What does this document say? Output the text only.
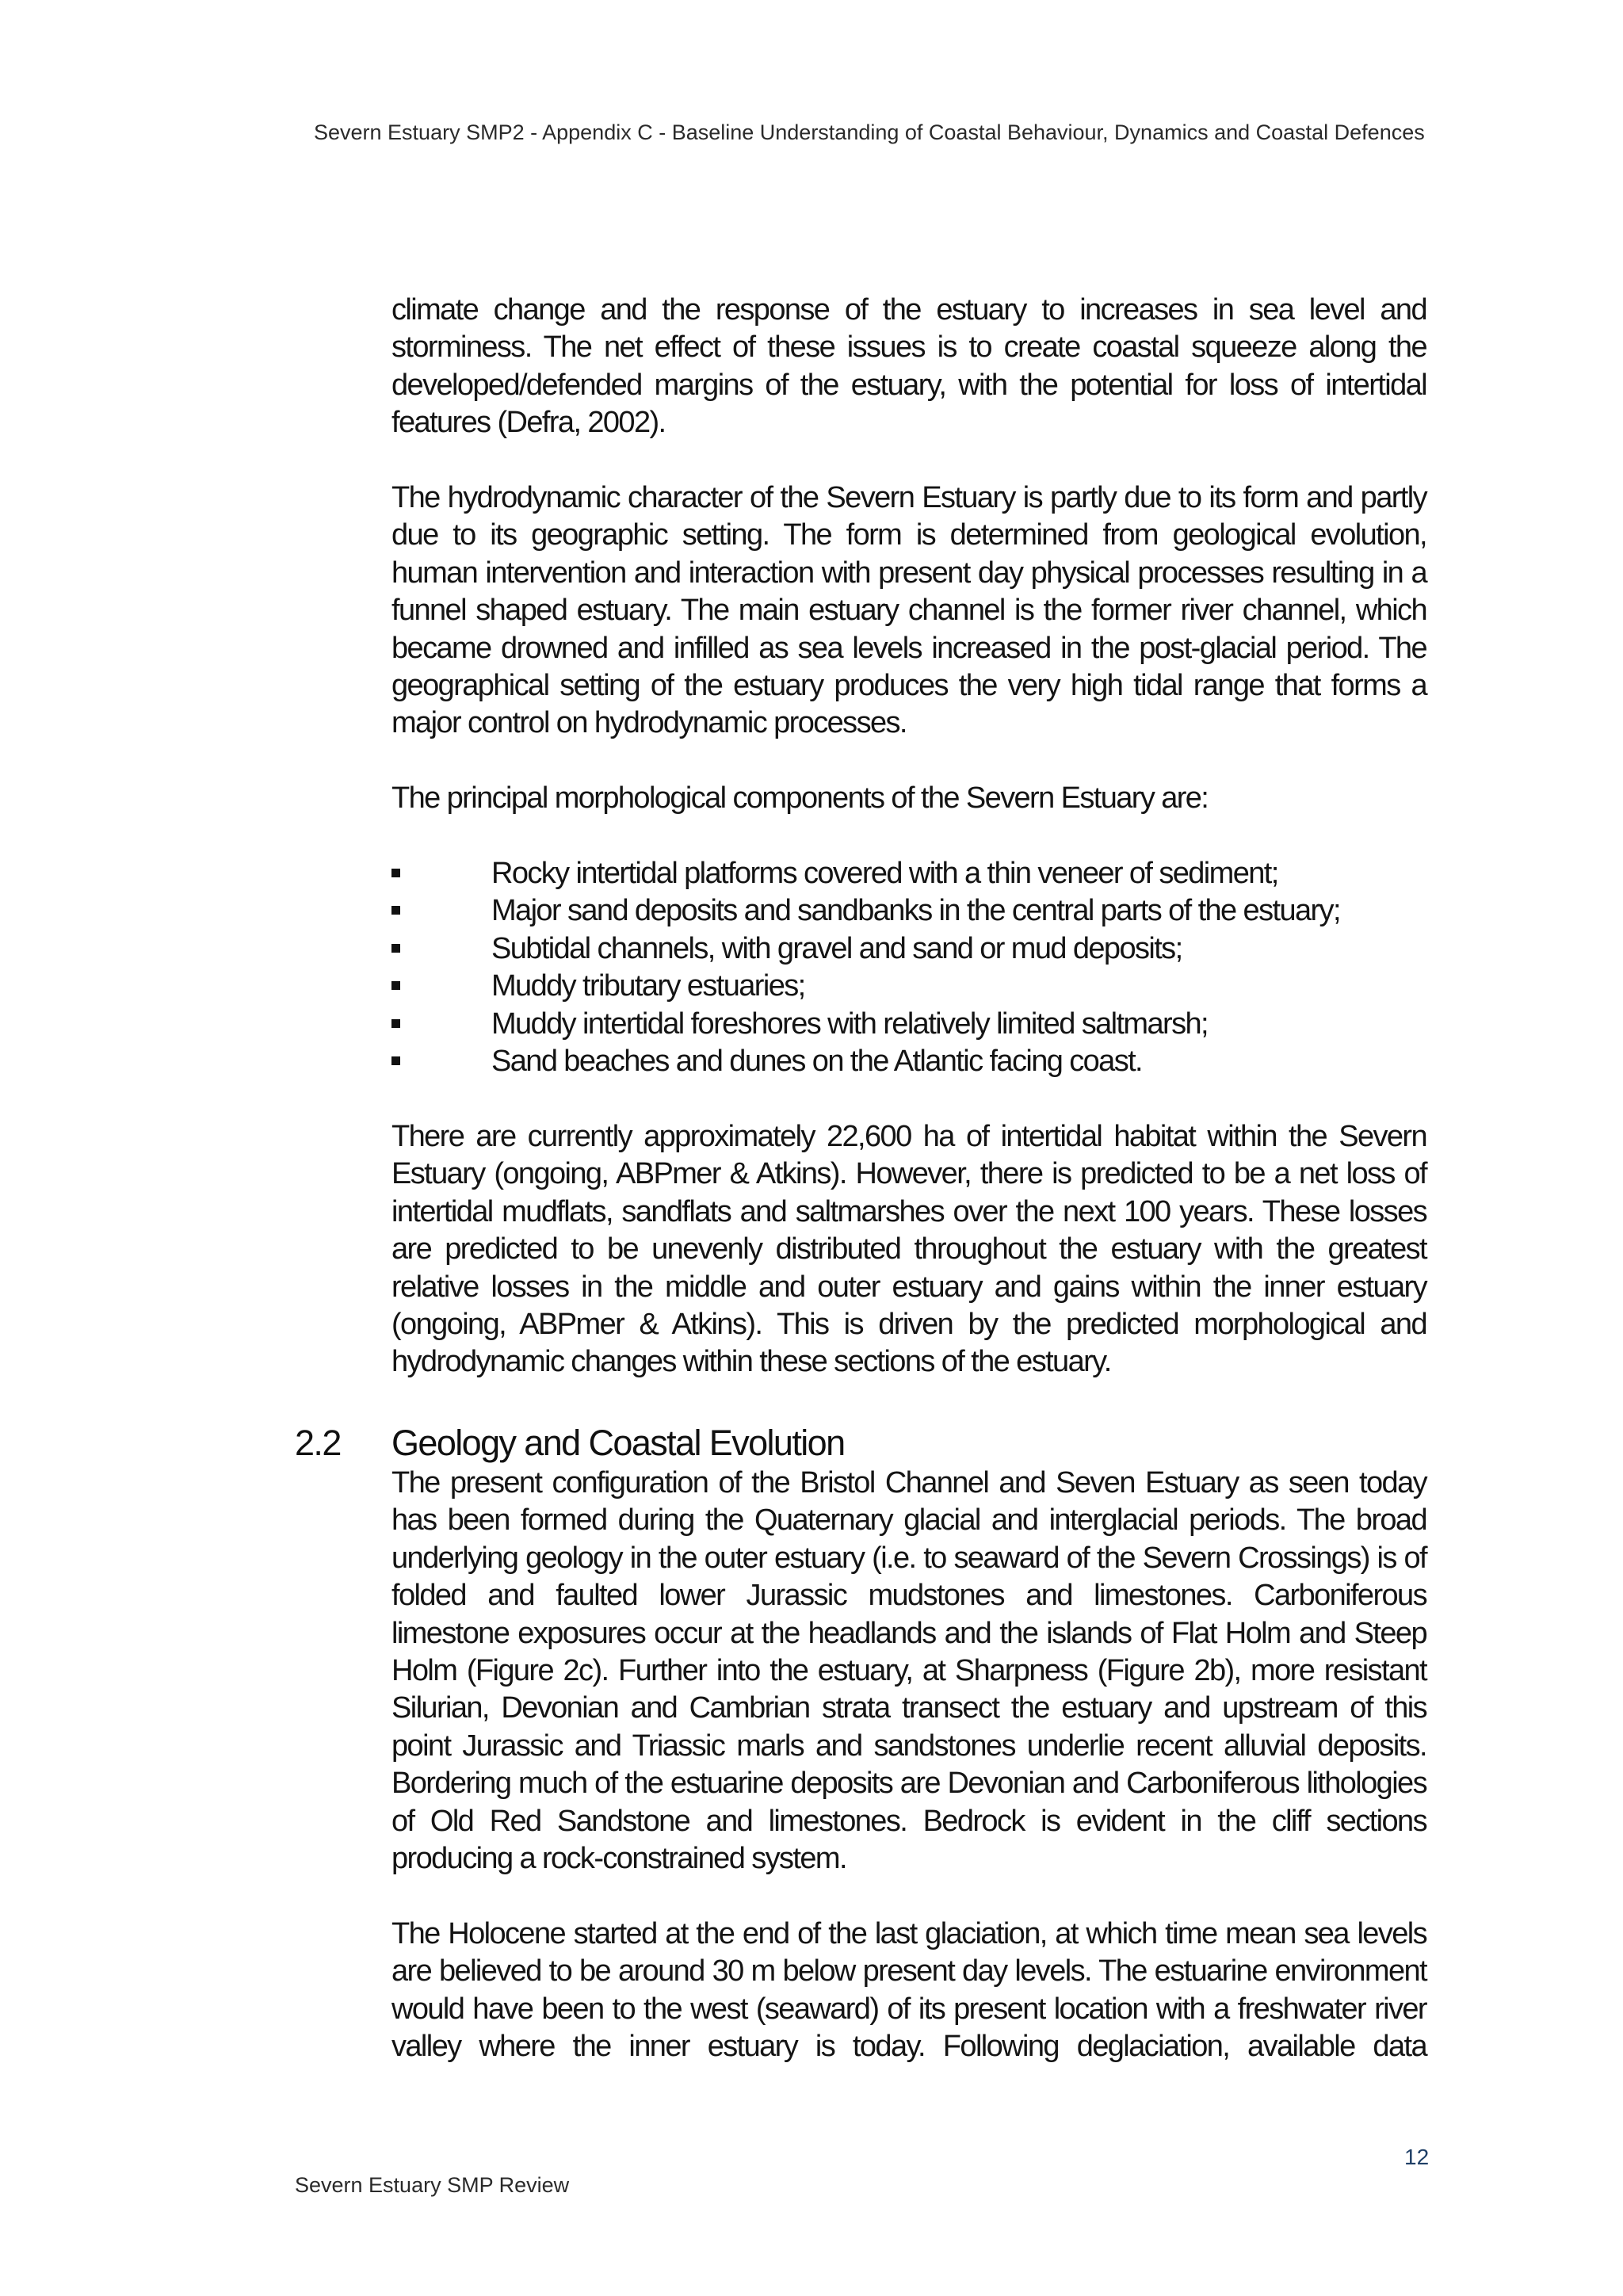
Severn Estuary SMP2 - Appendix C - Baseline Understanding of Coastal Behaviour, Dynamics and Coastal Defences

climate change and the response of the estuary to increases in sea level and storminess. The net effect of these issues is to create coastal squeeze along the developed/defended margins of the estuary, with the potential for loss of intertidal features (Defra, 2002).

The hydrodynamic character of the Severn Estuary is partly due to its form and partly due to its geographic setting. The form is determined from geological evolution, human intervention and interaction with present day physical processes resulting in a funnel shaped estuary. The main estuary channel is the former river channel, which became drowned and infilled as sea levels increased in the post-glacial period. The geographical setting of the estuary produces the very high tidal range that forms a major control on hydrodynamic processes.

The principal morphological components of the Severn Estuary are:

Rocky intertidal platforms covered with a thin veneer of sediment;
Major sand deposits and sandbanks in the central parts of the estuary;
Subtidal channels, with gravel and sand or mud deposits;
Muddy tributary estuaries;
Muddy intertidal foreshores with relatively limited saltmarsh;
Sand beaches and dunes on the Atlantic facing coast.

There are currently approximately 22,600 ha of intertidal habitat within the Severn Estuary (ongoing, ABPmer & Atkins). However, there is predicted to be a net loss of intertidal mudflats, sandflats and saltmarshes over the next 100 years. These losses are predicted to be unevenly distributed throughout the estuary with the greatest relative losses in the middle and outer estuary and gains within the inner estuary (ongoing, ABPmer & Atkins). This is driven by the predicted morphological and hydrodynamic changes within these sections of the estuary.

2.2 Geology and Coastal Evolution

The present configuration of the Bristol Channel and Seven Estuary as seen today has been formed during the Quaternary glacial and interglacial periods. The broad underlying geology in the outer estuary (i.e. to seaward of the Severn Crossings) is of folded and faulted lower Jurassic mudstones and limestones. Carboniferous limestone exposures occur at the headlands and the islands of Flat Holm and Steep Holm (Figure 2c). Further into the estuary, at Sharpness (Figure 2b), more resistant Silurian, Devonian and Cambrian strata transect the estuary and upstream of this point Jurassic and Triassic marls and sandstones underlie recent alluvial deposits. Bordering much of the estuarine deposits are Devonian and Carboniferous lithologies of Old Red Sandstone and limestones. Bedrock is evident in the cliff sections producing a rock-constrained system.

The Holocene started at the end of the last glaciation, at which time mean sea levels are believed to be around 30 m below present day levels. The estuarine environment would have been to the west (seaward) of its present location with a freshwater river valley where the inner estuary is today. Following deglaciation, available data

12
Severn Estuary SMP Review
